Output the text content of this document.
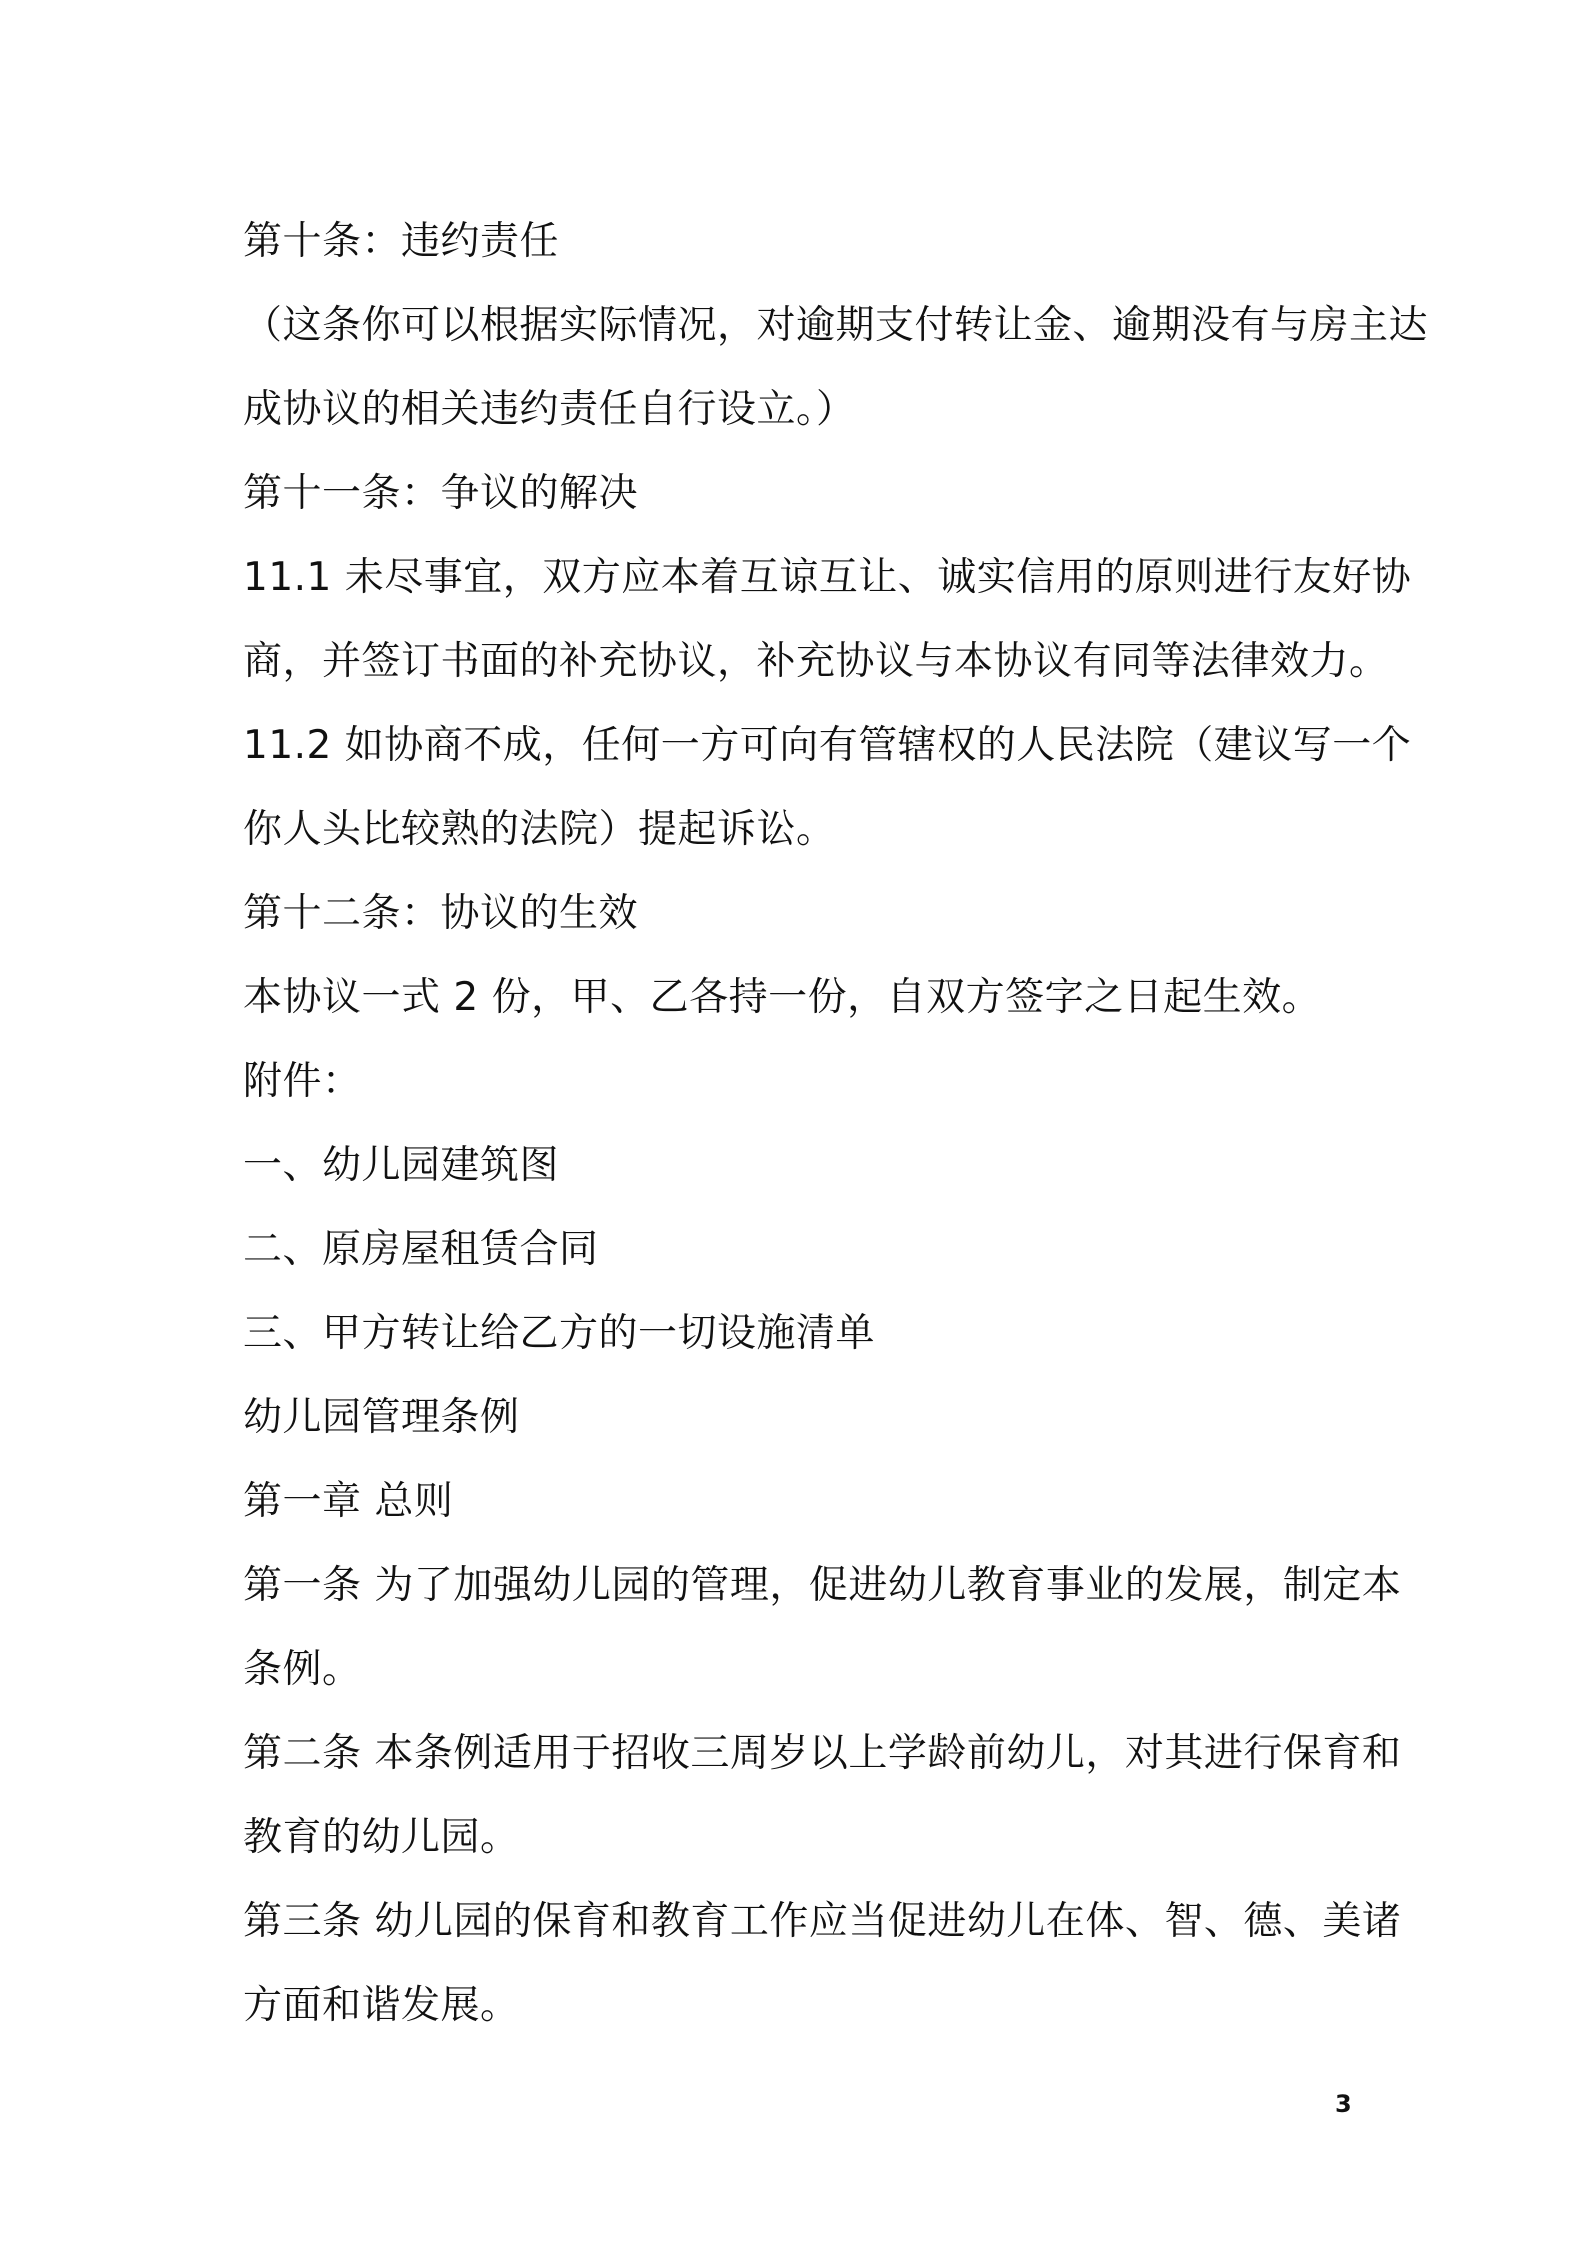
第十条：违约责任
（这条你可以根据实际情况，对逾期支付转让金、逾期没有与房主达
成协议的相关违约责任自行设立。）
第十一条：争议的解决
11.1 未尽事宜，双方应本着互谅互让、诚实信用的原则进行友好协
商，并签订书面的补充协议，补充协议与本协议有同等法律效力。
11.2 如协商不成，任何一方可向有管辖权的人民法院（建议写一个
你人头比较熟的法院）提起诉讼。
第十二条：协议的生效
本协议一式 2 份，甲、乙各持一份，自双方签字之日起生效。
附件：
一、幼儿园建筑图
二、原房屋租赁合同
三、甲方转让给乙方的一切设施清单
幼儿园管理条例
第一章 总则
第一条 为了加强幼儿园的管理，促进幼儿教育事业的发展，制定本
条例。
第二条 本条例适用于招收三周岁以上学龄前幼儿，对其进行保育和
教育的幼儿园。
第三条 幼儿园的保育和教育工作应当促进幼儿在体、智、德、美诸
方面和谐发展。
3
